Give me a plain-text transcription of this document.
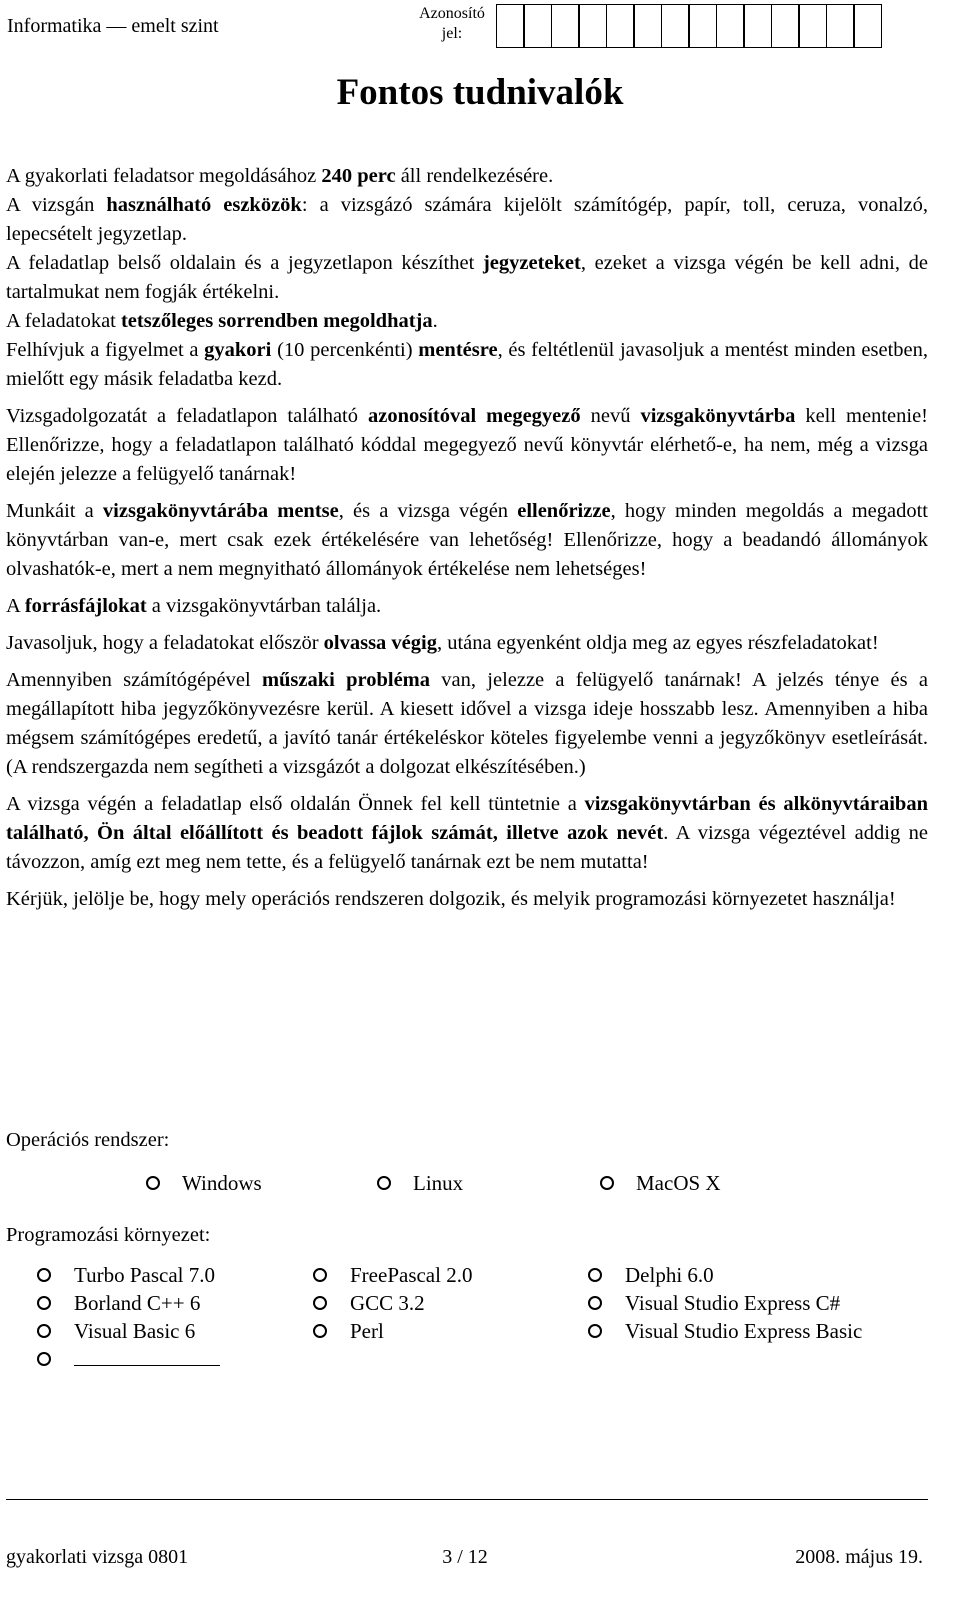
Informatika — emelt szint
Azonosító
jel:
Fontos tudnivalók

A gyakorlati feladatsor megoldásához 240 perc áll rendelkezésére.

A vizsgán használható eszközök: a vizsgázó számára kijelölt számítógép, papír, toll, ceruza, vonalzó, lepecsételt jegyzetlap.

A feladatlap belső oldalain és a jegyzetlapon készíthet jegyzeteket, ezeket a vizsga végén be kell adni, de tartalmukat nem fogják értékelni.

A feladatokat tetszőleges sorrendben megoldhatja.

Felhívjuk a figyelmet a gyakori (10 percenkénti) mentésre, és feltétlenül javasoljuk a mentést minden esetben, mielőtt egy másik feladatba kezd.

Vizsgadolgozatát a feladatlapon található azonosítóval megegyező nevű vizsgakönyvtárba kell mentenie! Ellenőrizze, hogy a feladatlapon található kóddal megegyező nevű könyvtár elérhető-e, ha nem, még a vizsga elején jelezze a felügyelő tanárnak!

Munkáit a vizsgakönyvtárába mentse, és a vizsga végén ellenőrizze, hogy minden megoldás a megadott könyvtárban van-e, mert csak ezek értékelésére van lehetőség! Ellenőrizze, hogy a beadandó állományok olvashatók-e, mert a nem megnyitható állományok értékelése nem lehetséges!

A forrásfájlokat a vizsgakönyvtárban találja.

Javasoljuk, hogy a feladatokat először olvassa végig, utána egyenként oldja meg az egyes részfeladatokat!

Amennyiben számítógépével műszaki probléma van, jelezze a felügyelő tanárnak! A jelzés ténye és a megállapított hiba jegyzőkönyvezésre kerül. A kiesett idővel a vizsga ideje hosszabb lesz. Amennyiben a hiba mégsem számítógépes eredetű, a javító tanár értékeléskor köteles figyelembe venni a jegyzőkönyv esetleírását. (A rendszergazda nem segítheti a vizsgázót a dolgozat elkészítésében.)

A vizsga végén a feladatlap első oldalán Önnek fel kell tüntetnie a vizsgakönyvtárban és alkönyvtáraiban található, Ön által előállított és beadott fájlok számát, illetve azok nevét. A vizsga végeztével addig ne távozzon, amíg ezt meg nem tette, és a felügyelő tanárnak ezt be nem mutatta!

Kérjük, jelölje be, hogy mely operációs rendszeren dolgozik, és melyik programozási környezetet használja!

Operációs rendszer:
Windows	Linux	MacOS X
Programozási környezet:
Turbo Pascal 7.0	FreePascal 2.0	Delphi 6.0
Borland C++ 6	GCC 3.2	Visual Studio Express C#
Visual Basic 6	Perl	Visual Studio Express Basic
gyakorlati vizsga 0801	3 / 12	2008. május 19.
